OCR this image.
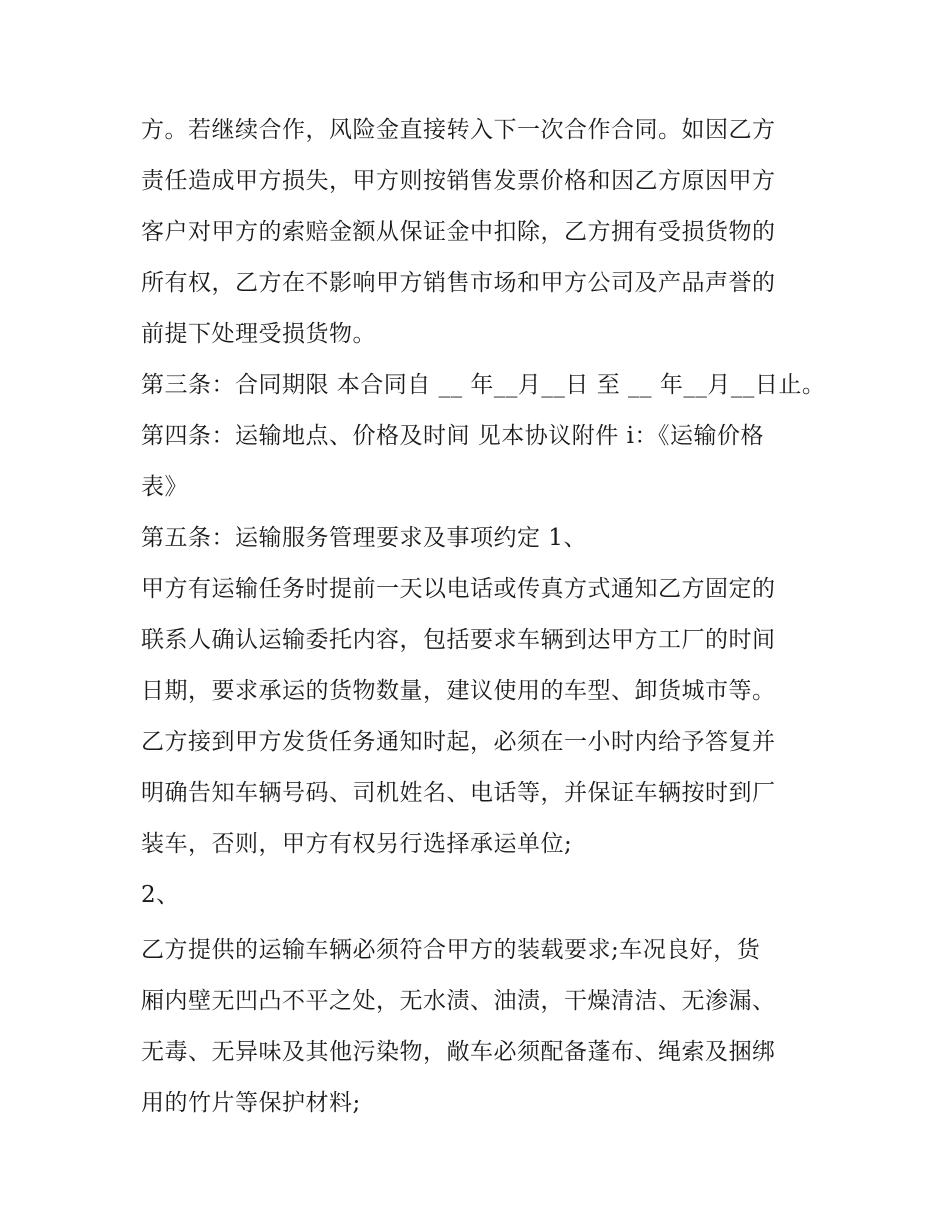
方。若继续合作，风险金直接转入下一次合作合同。如因乙方
责任造成甲方损失，甲方则按销售发票价格和因乙方原因甲方
客户对甲方的索赔金额从保证金中扣除，乙方拥有受损货物的
所有权，乙方在不影响甲方销售市场和甲方公司及产品声誉的
前提下处理受损货物。
第三条：合同期限 本合同自 __ 年__月__日 至 __ 年__月__日止。
第四条：运输地点、价格及时间 见本协议附件 i：《运输价格
表》
第五条：运输服务管理要求及事项约定 1、
甲方有运输任务时提前一天以电话或传真方式通知乙方固定的
联系人确认运输委托内容，包括要求车辆到达甲方工厂的时间
日期，要求承运的货物数量，建议使用的车型、卸货城市等。
乙方接到甲方发货任务通知时起，必须在一小时内给予答复并
明确告知车辆号码、司机姓名、电话等，并保证车辆按时到厂
装车，否则，甲方有权另行选择承运单位;
2、
乙方提供的运输车辆必须符合甲方的装载要求;车况良好，货
厢内壁无凹凸不平之处，无水渍、油渍，干燥清洁、无渗漏、
无毒、无异味及其他污染物，敞车必须配备蓬布、绳索及捆绑
用的竹片等保护材料;
